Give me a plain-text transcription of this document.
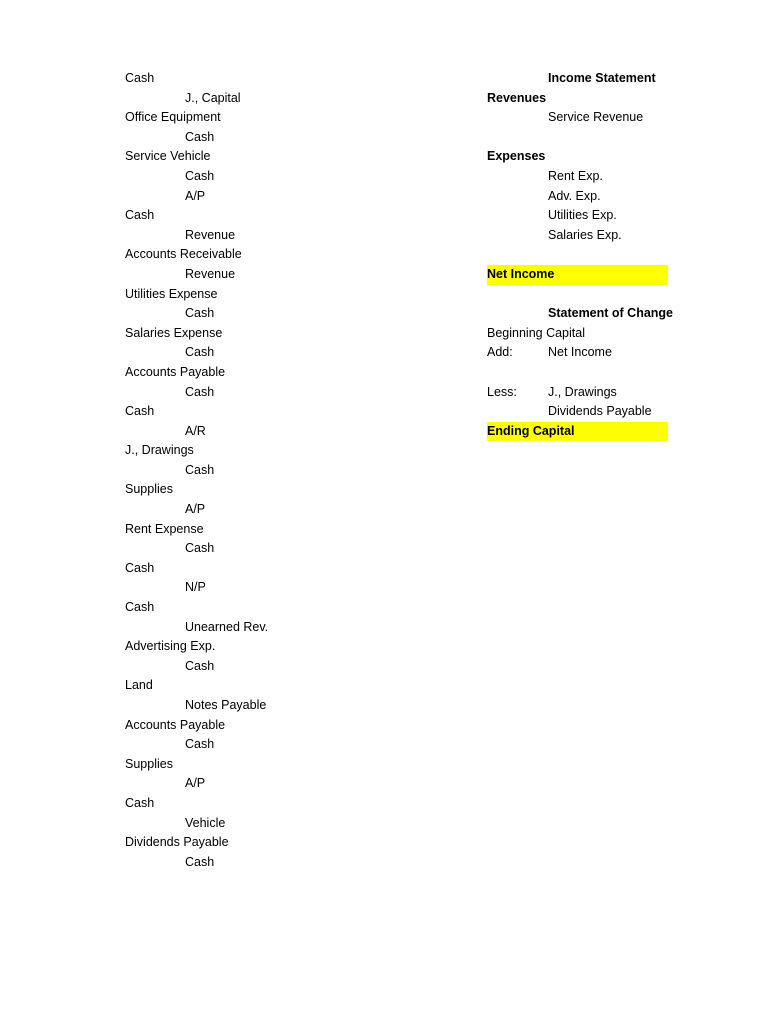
Cash
J., Capital
Office Equipment
Cash
Service Vehicle
Cash
A/P
Cash
Revenue
Accounts Receivable
Revenue
Utilities Expense
Cash
Salaries Expense
Cash
Accounts Payable
Cash
Cash
A/R
J., Drawings
Cash
Supplies
A/P
Rent Expense
Cash
Cash
N/P
Cash
Unearned Rev.
Advertising Exp.
Cash
Land
Notes Payable
Accounts Payable
Cash
Supplies
A/P
Cash
Vehicle
Dividends Payable
Cash
Income Statement
Revenues
Service Revenue
Expenses
Rent Exp.
Adv. Exp.
Utilities Exp.
Salaries Exp.
Net Income
Statement of Change
Beginning Capital
Add:	Net Income
Less: J., Drawings
Dividends Payable
Ending Capital
